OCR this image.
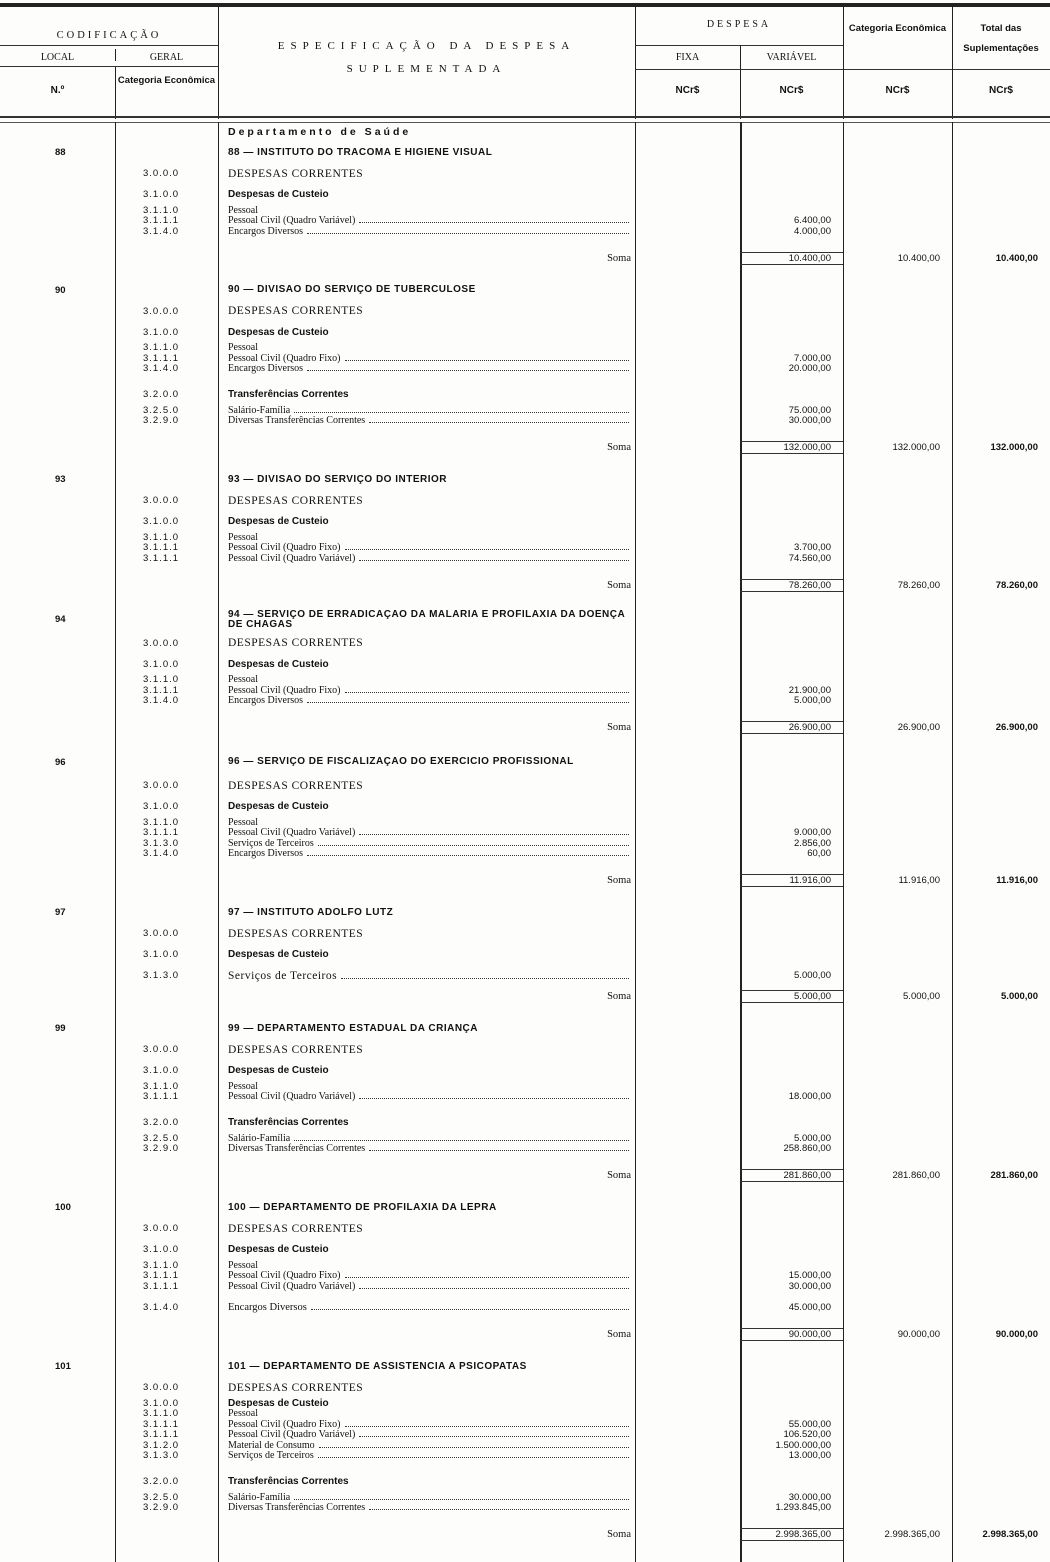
CODIFICAÇÃO
LOCAL	GERAL
N.º
Categoria Econômica
ESPECIFICAÇÃO DA DESPESA
SUPLEMENTADA
DESPESA
FIXA	VARIÁVEL
Categoria Econômica	Total das Suplementações
NCr$	NCr$	NCr$	NCr$
Departamento de Saúde
88	88 — INSTITUTO DO TRACOMA E HIGIENE VISUAL
3.0.0.0	DESPESAS CORRENTES
3.1.0.0	Despesas de Custeio
3.1.1.0	Pessoal
3.1.1.1	Pessoal Civil (Quadro Variável)	6.400,00
3.1.4.0	Encargos Diversos	4.000,00
Soma	10.400,00	10.400,00	10.400,00
90	90 — DIVISÃO DO SERVIÇO DE TUBERCULOSE
3.0.0.0	DESPESAS CORRENTES
3.1.0.0	Despesas de Custeio
3.1.1.0	Pessoal
3.1.1.1	Pessoal Civil (Quadro Fixo)	7.000,00
3.1.4.0	Encargos Diversos	20.000,00
3.2.0.0	Transferências Correntes
3.2.5.0	Salário-Família	75.000,00
3.2.9.0	Diversas Transferências Correntes	30.000,00
Soma	132.000,00	132.000,00	132.000,00
93	93 — DIVISÃO DO SERVIÇO DO INTERIOR
3.0.0.0	DESPESAS CORRENTES
3.1.0.0	Despesas de Custeio
3.1.1.0	Pessoal
3.1.1.1	Pessoal Civil (Quadro Fixo)	3.700,00
3.1.1.1	Pessoal Civil (Quadro Variável)	74.560,00
Soma	78.260,00	78.260,00	78.260,00
94	94 — SERVIÇO DE ERRADICAÇÃO DA MALÁRIA E PROFILAXIA DA DOENÇA DE CHAGAS
3.0.0.0	DESPESAS CORRENTES
3.1.0.0	Despesas de Custeio
3.1.1.0	Pessoal
3.1.1.1	Pessoal Civil (Quadro Fixo)	21.900,00
3.1.4.0	Encargos Diversos	5.000,00
Soma	26.900,00	26.900,00	26.900,00
96	96 — SERVIÇO DE FISCALIZAÇÃO DO EXERCÍCIO PROFISSIONAL
3.0.0.0	DESPESAS CORRENTES
3.1.0.0	Despesas de Custeio
3.1.1.0	Pessoal
3.1.1.1	Pessoal Civil (Quadro Variável)	9.000,00
3.1.3.0	Serviços de Terceiros	2.856,00
3.1.4.0	Encargos Diversos	60,00
Soma	11.916,00	11.916,00	11.916,00
97	97 — INSTITUTO ADOLFO LUTZ
3.0.0.0	DESPESAS CORRENTES
3.1.0.0	Despesas de Custeio
3.1.3.0	Serviços de Terceiros	5.000,00
Soma	5.000,00	5.000,00	5.000,00
99	99 — DEPARTAMENTO ESTADUAL DA CRIANÇA
3.0.0.0	DESPESAS CORRENTES
3.1.0.0	Despesas de Custeio
3.1.1.0	Pessoal
3.1.1.1	Pessoal Civil (Quadro Variável)	18.000,00
3.2.0.0	Transferências Correntes
3.2.5.0	Salário-Família	5.000,00
3.2.9.0	Diversas Transferências Correntes	258.860,00
Soma	281.860,00	281.860,00	281.860,00
100	100 — DEPARTAMENTO DE PROFILAXIA DA LEPRA
3.0.0.0	DESPESAS CORRENTES
3.1.0.0	Despesas de Custeio
3.1.1.0	Pessoal
3.1.1.1	Pessoal Civil (Quadro Fixo)	15.000,00
3.1.1.1	Pessoal Civil (Quadro Variável)	30.000,00
3.1.4.0	Encargos Diversos	45.000,00
Soma	90.000,00	90.000,00	90.000,00
101	101 — DEPARTAMENTO DE ASSISTÊNCIA A PSICOPATAS
3.0.0.0	DESPESAS CORRENTES
3.1.0.0	Despesas de Custeio
3.1.1.0	Pessoal
3.1.1.1	Pessoal Civil (Quadro Fixo)	55.000,00
3.1.1.1	Pessoal Civil (Quadro Variável)	106.520,00
3.1.2.0	Material de Consumo	1.500.000,00
3.1.3.0	Serviços de Terceiros	13.000,00
3.2.0.0	Transferências Correntes
3.2.5.0	Salário-Família	30.000,00
3.2.9.0	Diversas Transferências Correntes	1.293.845,00
Soma	2.998.365,00	2.998.365,00	2.998.365,00
